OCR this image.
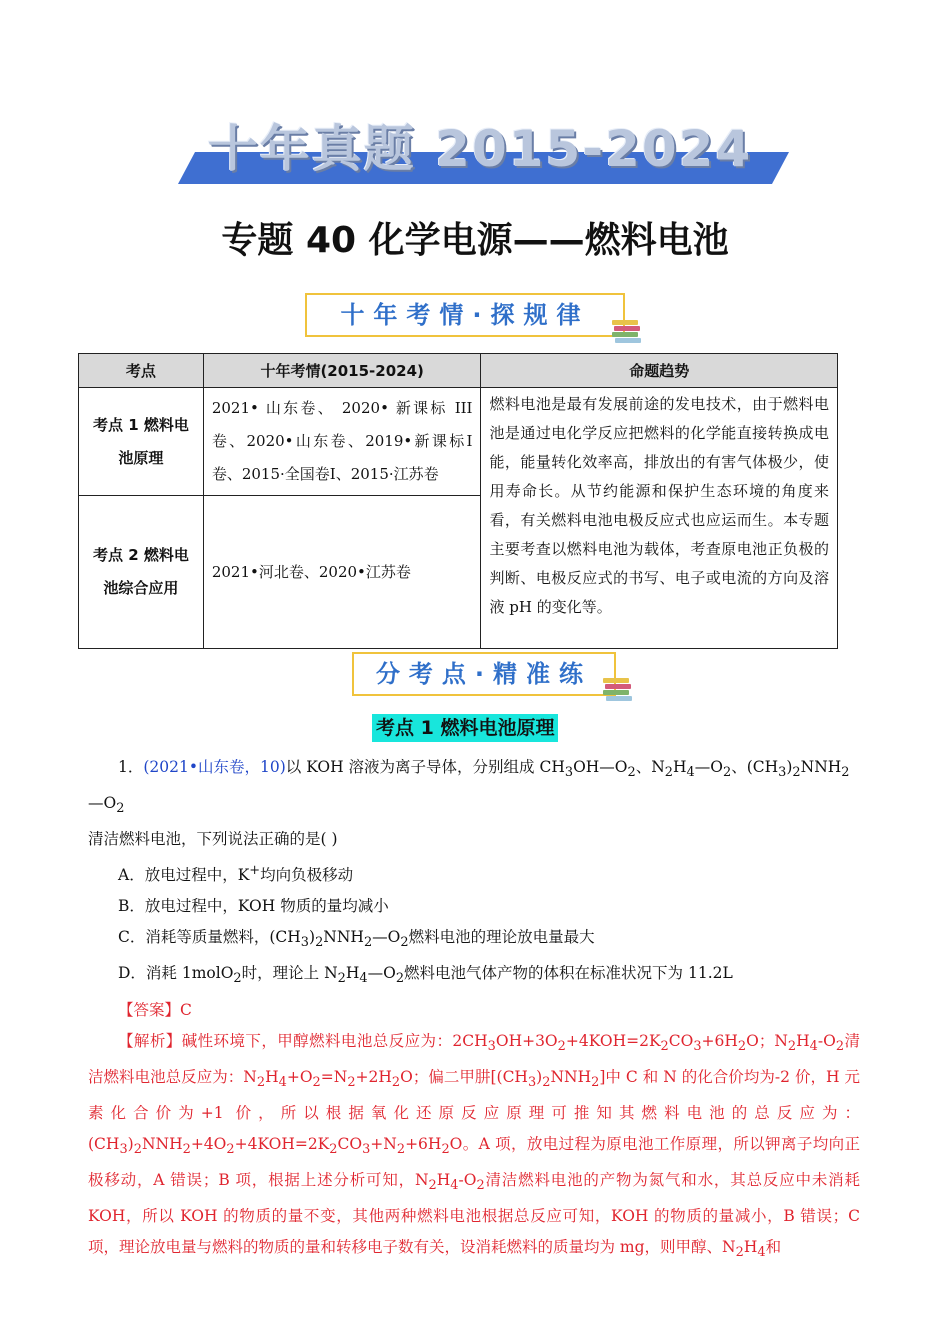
十年真题 2015-2024
专题 40 化学电源——燃料电池
十年考情·探规律
考点	十年考情(2015-2024)	命题趋势
考点 1 燃料电池原理	2021• 山东卷、 2020• 新课标 III 卷、2020•山东卷、2019•新课标Ⅰ卷、2015·全国卷Ⅰ、2015·江苏卷	燃料电池是最有发展前途的发电技术，由于燃料电池是通过电化学反应把燃料的化学能直接转换成电能，能量转化效率高，排放出的有害气体极少，使用寿命长。从节约能源和保护生态环境的角度来看，有关燃料电池电极反应式也应运而生。本专题主要考查以燃料电池为载体，考查原电池正负极的判断、电极反应式的书写、电子或电流的方向及溶液 pH 的变化等。
考点 2 燃料电池综合应用	2021•河北卷、2020•江苏卷	
分考点·精准练
考点 1 燃料电池原理
1．(2021•山东卷，10)以 KOH 溶液为离子导体，分别组成 $CH_3OH—O_2$、$N_2H_4—O_2$、$(CH_3)_2NNH_2—O_2$
清洁燃料电池，下列说法正确的是( )
A．放电过程中，K+均向负极移动
B．放电过程中，KOH 物质的量均减小
C．消耗等质量燃料，$(CH_3)_2NNH_2—O_2$燃料电池的理论放电量最大
D．消耗 1molO$_2$时，理论上 $N_2H_4—O_2$燃料电池气体产物的体积在标准状况下为 11.2L
【答案】C
【解析】碱性环境下，甲醇燃料电池总反应为：$2CH_3OH+3O_2+4KOH=2K_2CO_3+6H_2O$；$N_2H_4-O_2$清洁燃料电池总反应为：$N_2H_4+O_2=N_2+2H_2O$；偏二甲肼$[(CH_3)_2NNH_2]$中 C 和 N 的化合价均为-2 价，H 元素化合价为+1 价，所以根据氧化还原反应原理可推知其燃料电池的总反应为：$(CH_3)_2NNH_2+4O_2+4KOH=2K_2CO_3+N_2+6H_2O$。A 项，放电过程为原电池工作原理，所以钾离子均向正极移动，A 错误；B 项，根据上述分析可知，$N_2H_4-O_2$清洁燃料电池的产物为氮气和水，其总反应中未消耗 KOH，所以 KOH 的物质的量不变，其他两种燃料电池根据总反应可知，KOH 的物质的量减小，B 错误；C 项，理论放电量与燃料的物质的量和转移电子数有关，设消耗燃料的质量均为 mg，则甲醇、$N_2H_4$和
